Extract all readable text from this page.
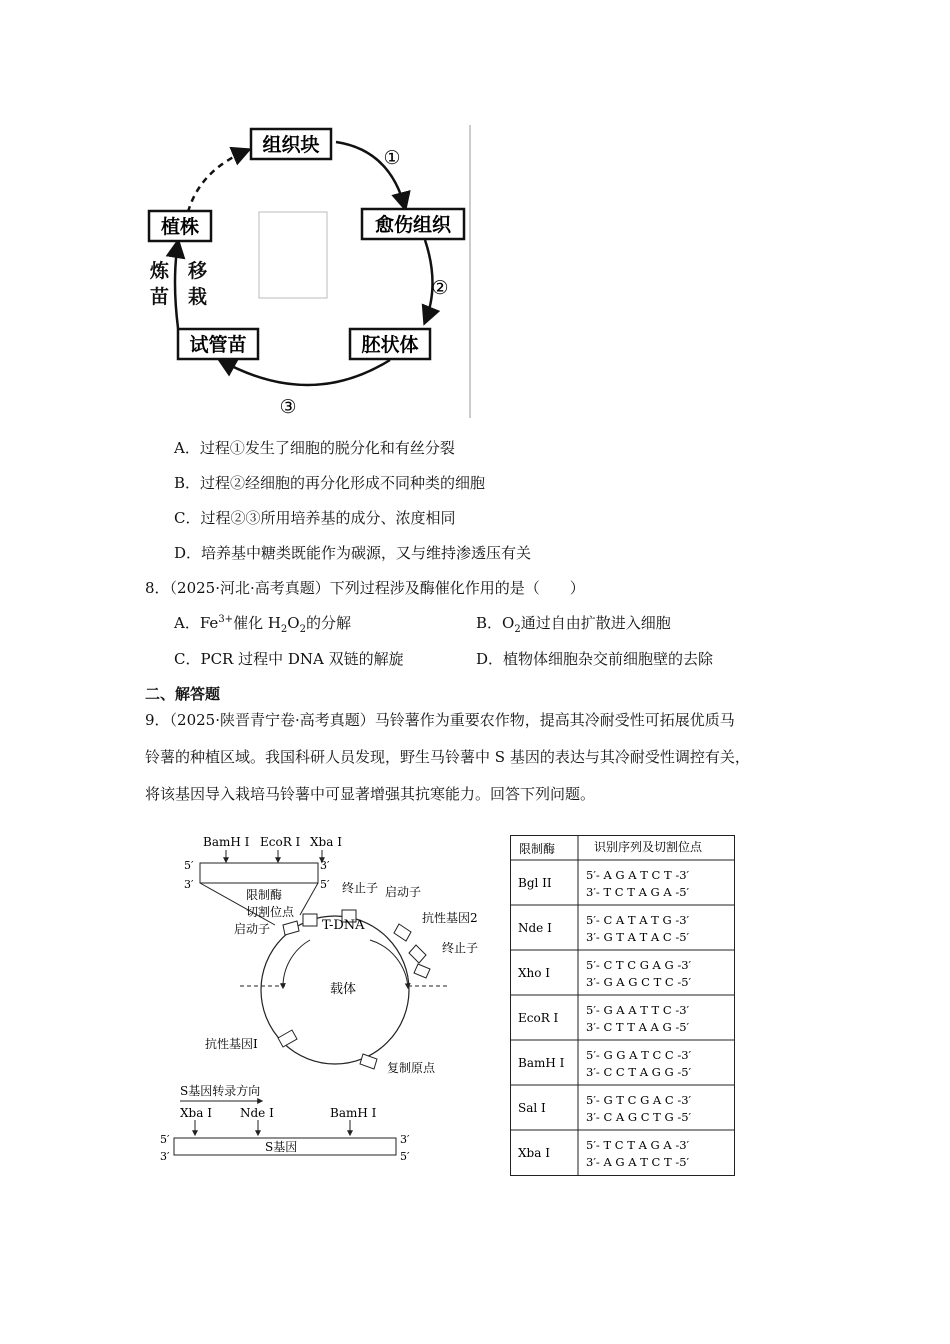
组织块
愈伤组织
胚状体
试管苗
植株
①
②
③
炼苗
移栽
A．过程①发生了细胞的脱分化和有丝分裂
B．过程②经细胞的再分化形成不同种类的细胞
C．过程②③所用培养基的成分、浓度相同
D．培养基中糖类既能作为碳源，又与维持渗透压有关
8．（2025·河北·高考真题）下列过程涉及酶催化作用的是（　　）
A．$Fe^{3+}$催化 $H_2O_2$的分解	B．$O_2$通过自由扩散进入细胞
C．PCR 过程中 DNA 双链的解旋	D．植物体细胞杂交前细胞壁的去除
二、解答题
9．（2025·陕晋青宁卷·高考真题）马铃薯作为重要农作物，提高其冷耐受性可拓展优质马
铃薯的种植区域。我国科研人员发现，野生马铃薯中 S 基因的表达与其冷耐受性调控有关，
将该基因导入栽培马铃薯中可显著增强其抗寒能力。回答下列问题。
BamH I EcoR I Xba I
5′
3′
3′
5′
限制酶
切割位点
T-DNA
终止子 启动子
启动子
抗性基因2
终止子
载体
抗性基因I
复制原点
S基因转录方向
Xba I Nde I	BamH I
5′
3′
S基因
3′
5′
限制酶	识别序列及切割位点
Bgl II
5′- A G A T C T -3′
3′- T C T A G A -5′
Nde I
5′- C A T A T G -3′
3′- G T A T A C -5′
Xho I
5′- C T C G A G -3′
3′- G A G C T C -5′
EcoR I
5′- G A A T T C -3′
3′- C T T A A G -5′
BamH I
5′- G G A T C C -3′
3′- C C T A G G -5′
Sal I
5′- G T C G A C -3′
3′- C A G C T G -5′
Xba I
5′- T C T A G A -3′
3′- A G A T C T -5′
